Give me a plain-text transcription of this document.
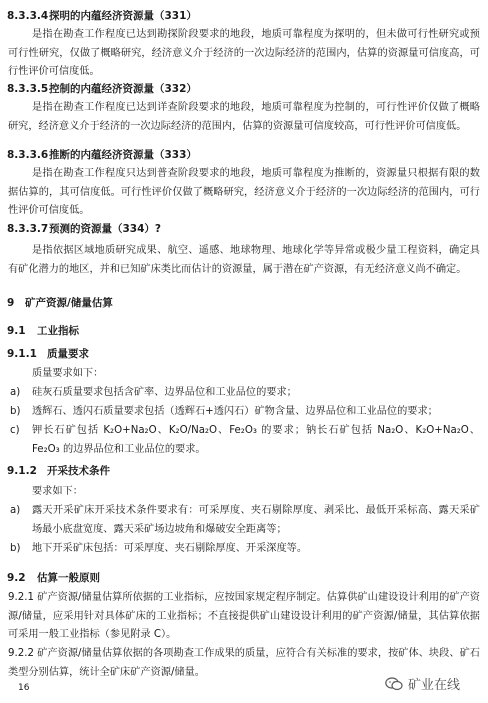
8.3.3.4探明的内蕴经济资源量（331）
是指在勘查工作程度已达到勘探阶段要求的地段，地质可靠程度为探明的，但未做可行性研究或预可行性研究，仅做了概略研究，经济意义介于经济的一次边际经济的范围内，估算的资源量可信度高，可行性评价可信度低。
8.3.3.5控制的内蕴经济资源量（332）
是指在勘查工作程度已达到详查阶段要求的地段，地质可靠程度为控制的，可行性评价仅做了概略研究，经济意义介于经济的一次边际经济的范围内，估算的资源量可信度较高，可行性评价可信度低。
8.3.3.6推断的内蕴经济资源量（333）
是指在勘查工作程度只达到普查阶段要求的地段，地质可靠程度为推断的，资源量只根据有限的数据估算的，其可信度低。可行性评价仅做了概略研究，经济意义介于经济的一次边际经济的范围内，可行性评价可信度低。
8.3.3.7预测的资源量（334）?
是指依据区域地质研究成果、航空、遥感、地球物理、地球化学等异常或极少量工程资料，确定具有矿化潜力的地区，并和已知矿床类比而估计的资源量，属于潜在矿产资源，有无经济意义尚不确定。
9 矿产资源/储量估算
9.1 工业指标
9.1.1 质量要求
质量要求如下：
a)	硅灰石质量要求包括含矿率、边界品位和工业品位的要求；
b)	透辉石、透闪石质量要求包括（透辉石+透闪石）矿物含量、边界品位和工业品位的要求；
c)	钾长石矿包括 K₂O+Na₂O、K₂O/Na₂O、Fe₂O₃ 的要求；钠长石矿包括 Na₂O、K₂O+Na₂O、Fe₂O₃ 的边界品位和工业品位的要求。
9.1.2 开采技术条件
要求如下：
a)	露天开采矿床开采技术条件要求有：可采厚度、夹石剔除厚度、剥采比、最低开采标高、露天采矿场最小底盘宽度、露天采矿场边坡角和爆破安全距离等；
b)	地下开采矿床包括：可采厚度、夹石剔除厚度、开采深度等。
9.2 估算一般原则
9.2.1 矿产资源/储量估算所依据的工业指标，应按国家规定程序制定。估算供矿山建设设计利用的矿产资源/储量，应采用针对具体矿床的工业指标；不直接提供矿山建设设计利用的矿产资源/储量，其估算依据可采用一般工业指标（参见附录 C）。
9.2.2 矿产资源/储量估算依据的各项勘查工作成果的质量，应符合有关标准的要求，按矿体、块段、矿石类型分别估算，统计全矿床矿产资源/储量。
16	矿业在线
